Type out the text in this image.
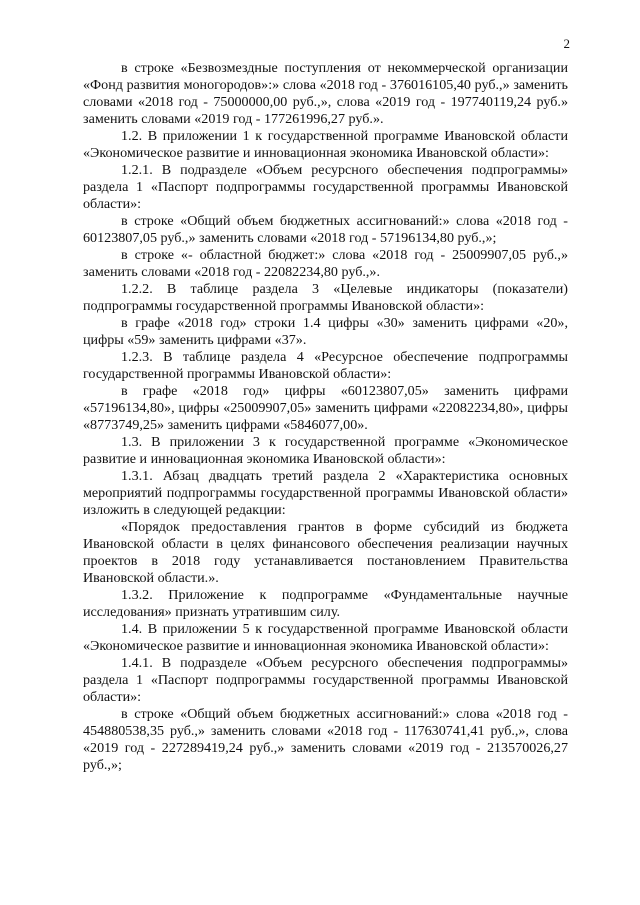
2

в строке «Безвозмездные поступления от некоммерческой организации «Фонд развития моногородов»:» слова «2018 год - 376016105,40 руб.,» заменить словами «2018 год - 75000000,00 руб.,», слова «2019 год - 197740119,24 руб.» заменить словами «2019 год - 177261996,27 руб.».

1.2. В приложении 1 к государственной программе Ивановской области «Экономическое развитие и инновационная экономика Ивановской области»:

1.2.1. В подразделе «Объем ресурсного обеспечения подпрограммы» раздела 1 «Паспорт подпрограммы государственной программы Ивановской области»:

в строке «Общий объем бюджетных ассигнований:» слова «2018 год - 60123807,05 руб.,» заменить словами «2018 год - 57196134,80 руб.,»;

в строке «- областной бюджет:» слова «2018 год - 25009907,05 руб.,» заменить словами «2018 год - 22082234,80 руб.,».

1.2.2. В таблице раздела 3 «Целевые индикаторы (показатели) подпрограммы государственной программы Ивановской области»:

в графе «2018 год» строки 1.4 цифры «30» заменить цифрами «20», цифры «59» заменить цифрами «37».

1.2.3. В таблице раздела 4 «Ресурсное обеспечение подпрограммы государственной программы Ивановской области»:

в графе «2018 год» цифры «60123807,05» заменить цифрами «57196134,80», цифры «25009907,05» заменить цифрами «22082234,80», цифры «8773749,25» заменить цифрами «5846077,00».

1.3. В приложении 3 к государственной программе «Экономическое развитие и инновационная экономика Ивановской области»:

1.3.1. Абзац двадцать третий раздела 2 «Характеристика основных мероприятий подпрограммы государственной программы Ивановской области» изложить в следующей редакции:

«Порядок предоставления грантов в форме субсидий из бюджета Ивановской области в целях финансового обеспечения реализации научных проектов в 2018 году устанавливается постановлением Правительства Ивановской области.».

1.3.2. Приложение к подпрограмме «Фундаментальные научные исследования» признать утратившим силу.

1.4. В приложении 5 к государственной программе Ивановской области «Экономическое развитие и инновационная экономика Ивановской области»:

1.4.1. В подразделе «Объем ресурсного обеспечения подпрограммы» раздела 1 «Паспорт подпрограммы государственной программы Ивановской области»:

в строке «Общий объем бюджетных ассигнований:» слова «2018 год - 454880538,35 руб.,» заменить словами «2018 год - 117630741,41 руб.,», слова «2019 год - 227289419,24 руб.,» заменить словами «2019 год - 213570026,27 руб.,»;
